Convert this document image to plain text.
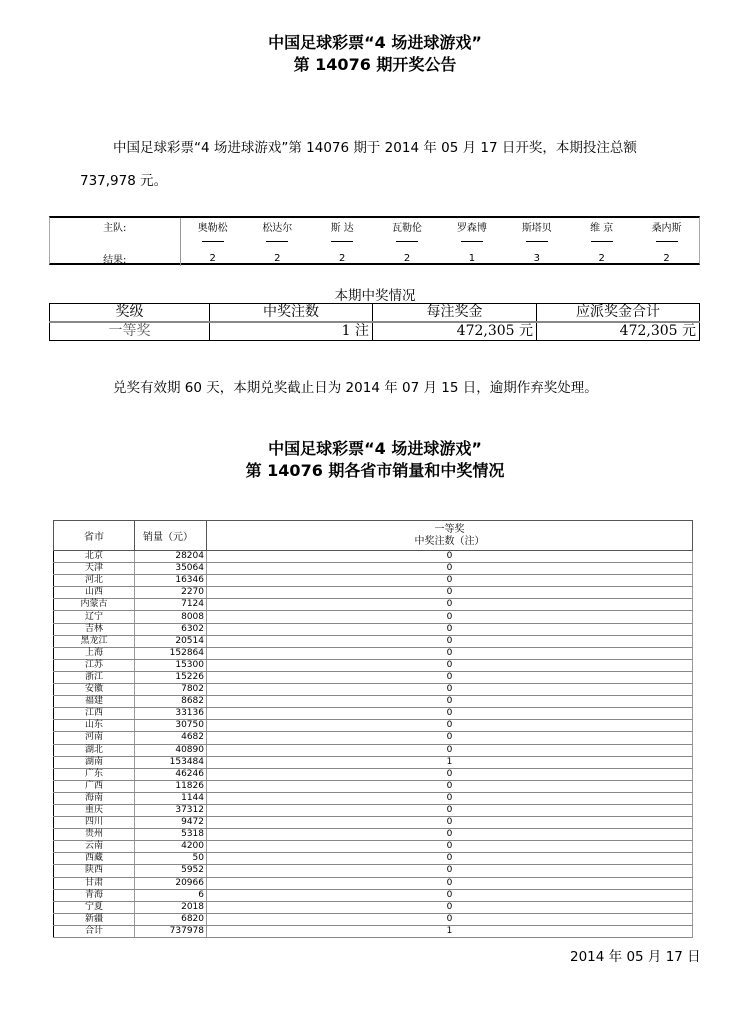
中国足球彩票“4 场进球游戏”
第 14076 期开奖公告
中国足球彩票“4 场进球游戏”第 14076 期于 2014 年 05 月 17 日开奖，本期投注总额
737,978 元。
主队:	奥勒松	松达尔	斯 达	瓦勒伦	罗森博	斯塔贝	维 京	桑内斯

结果:	2	2	2	2	1	3	2	2
本期中奖情况
奖级	中奖注数	每注奖金	应派奖金合计
一等奖	1 注	472,305 元	472,305 元
兑奖有效期 60 天，本期兑奖截止日为 2014 年 07 月 15 日，逾期作弃奖处理。
中国足球彩票“4 场进球游戏”
第 14076 期各省市销量和中奖情况
省市	销量（元）	一等奖
中奖注数（注）

北京	28204	0
天津	35064	0
河北	16346	0
山西	2270	0
内蒙古	7124	0
辽宁	8008	0
吉林	6302	0
黑龙江	20514	0
上海	152864	0
江苏	15300	0
浙江	15226	0
安徽	7802	0
福建	8682	0
江西	33136	0
山东	30750	0
河南	4682	0
湖北	40890	0
湖南	153484	1
广东	46246	0
广西	11826	0
海南	1144	0
重庆	37312	0
四川	9472	0
贵州	5318	0
云南	4200	0
西藏	50	0
陕西	5952	0
甘肃	20966	0
青海	6	0
宁夏	2018	0
新疆	6820	0
合计	737978	1
2014 年 05 月 17 日
